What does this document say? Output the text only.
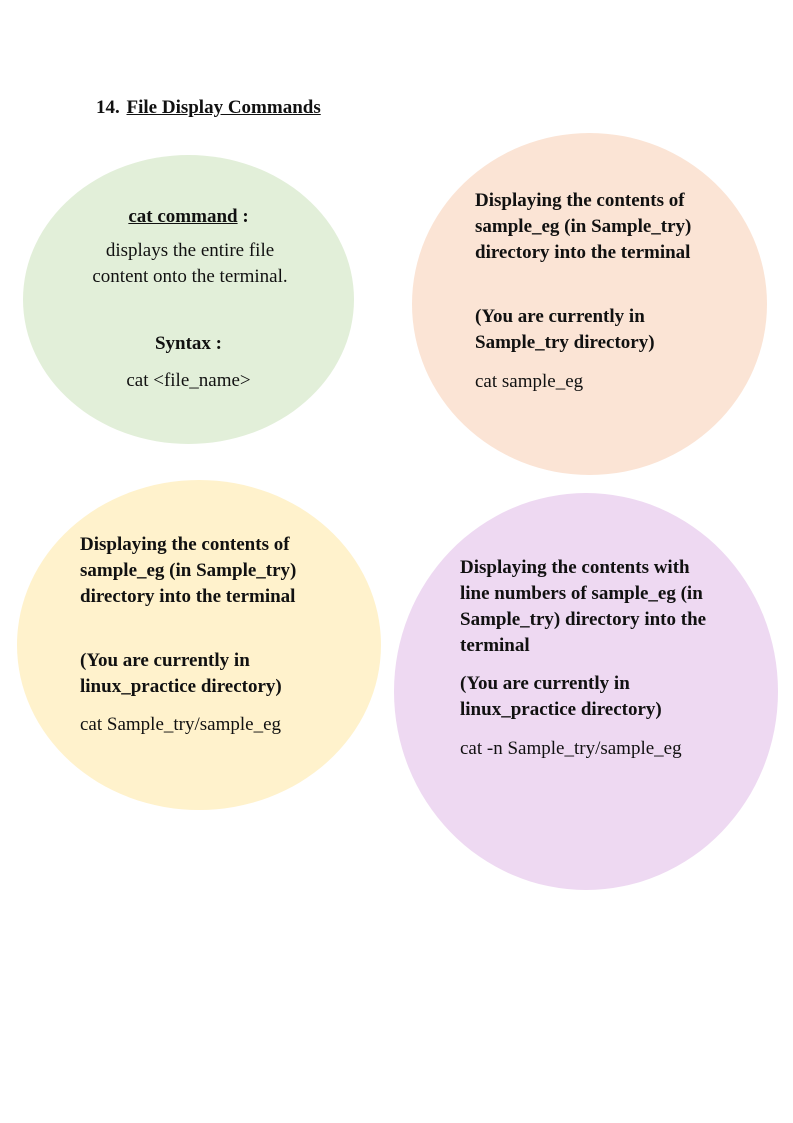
14. File Display Commands
cat command :
displays the entire file content onto the terminal.
Syntax :
cat <file_name>
Displaying the contents of sample_eg (in Sample_try) directory into the terminal
(You are currently in Sample_try directory)
cat sample_eg
Displaying the contents of sample_eg (in Sample_try) directory into the terminal
(You are currently in linux_practice directory)
cat Sample_try/sample_eg
Displaying the contents with line numbers of sample_eg (in Sample_try) directory into the terminal
(You are currently in linux_practice directory)
cat -n Sample_try/sample_eg
